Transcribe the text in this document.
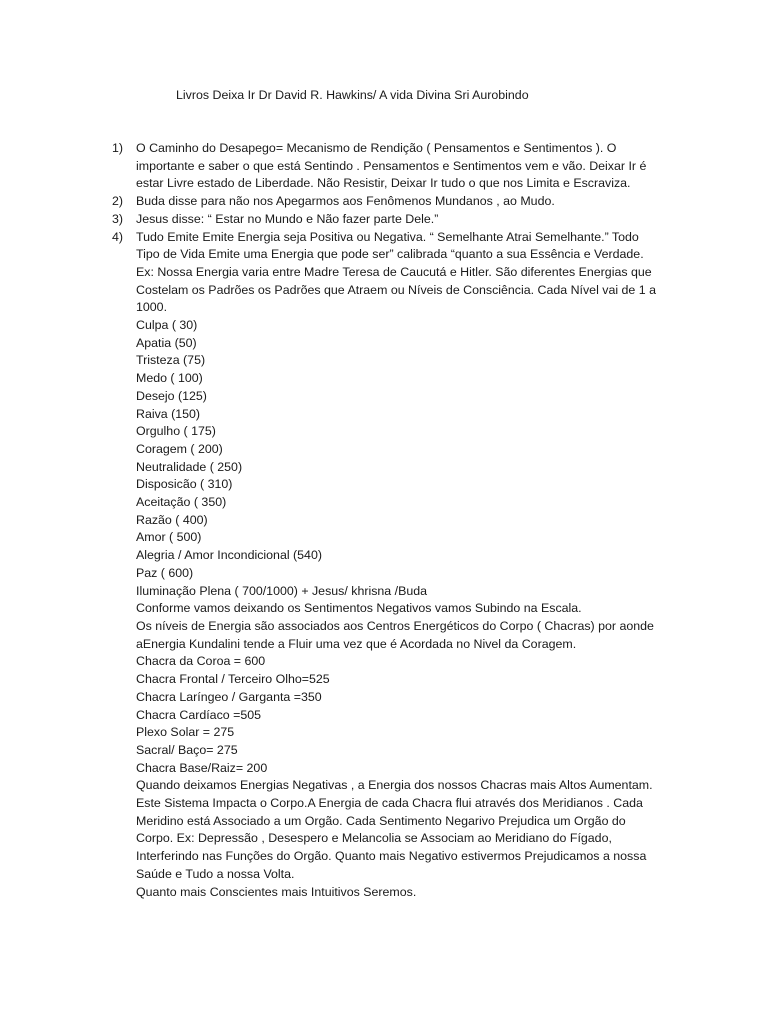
Livros Deixa Ir Dr David R. Hawkins/ A vida Divina Sri Aurobindo
1) O Caminho do Desapego= Mecanismo de Rendição ( Pensamentos e Sentimentos ). O importante e saber o que está Sentindo . Pensamentos e Sentimentos vem e vão. Deixar Ir é estar Livre estado de Liberdade. Não Resistir, Deixar Ir tudo o que nos Limita e Escraviza.
2) Buda disse para não nos Apegarmos aos Fenômenos Mundanos , ao Mudo.
3) Jesus disse: “ Estar no Mundo e Não fazer parte Dele.”
4) Tudo Emite Emite Energia seja Positiva ou Negativa. “ Semelhante Atrai Semelhante.” Todo Tipo de Vida Emite uma Energia que pode ser” calibrada “quanto a sua Essência e Verdade. Ex: Nossa Energia varia entre Madre Teresa de Caucutá e Hitler. São diferentes Energias que Costelam os Padrões os Padrões que Atraem ou Níveis de Consciência. Cada Nível vai de 1 a 1000.
Culpa ( 30)
Apatia (50)
Tristeza (75)
Medo ( 100)
Desejo (125)
Raiva (150)
Orgulho ( 175)
Coragem ( 200)
Neutralidade ( 250)
Disposicão ( 310)
Aceitação ( 350)
Razão ( 400)
Amor ( 500)
Alegria / Amor Incondicional (540)
Paz ( 600)
Iluminação Plena ( 700/1000) + Jesus/ khrisna /Buda
Conforme vamos deixando os Sentimentos Negativos vamos Subindo na Escala.
Os níveis de Energia são associados aos Centros Energéticos do Corpo ( Chacras) por aonde aEnergia Kundalini tende a Fluir uma vez que é Acordada no Nivel da Coragem.
Chacra da Coroa = 600
Chacra Frontal / Terceiro Olho=525
Chacra Laríngeo / Garganta =350
Chacra Cardíaco =505
Plexo Solar = 275
Sacral/ Baço= 275
Chacra Base/Raiz= 200
Quando deixamos Energias Negativas , a Energia dos nossos Chacras mais Altos Aumentam.
Este Sistema Impacta o Corpo.A Energia de cada Chacra flui através dos Meridianos . Cada Meridino está Associado a um Orgão. Cada Sentimento Negarivo Prejudica um Orgão do Corpo. Ex: Depressão , Desespero e Melancolia se Associam ao Meridiano do Fígado, Interferindo nas Funções do Orgão. Quanto mais Negativo estivermos Prejudicamos a nossa Saúde e Tudo a nossa Volta.
Quanto mais Conscientes mais Intuitivos Seremos.
